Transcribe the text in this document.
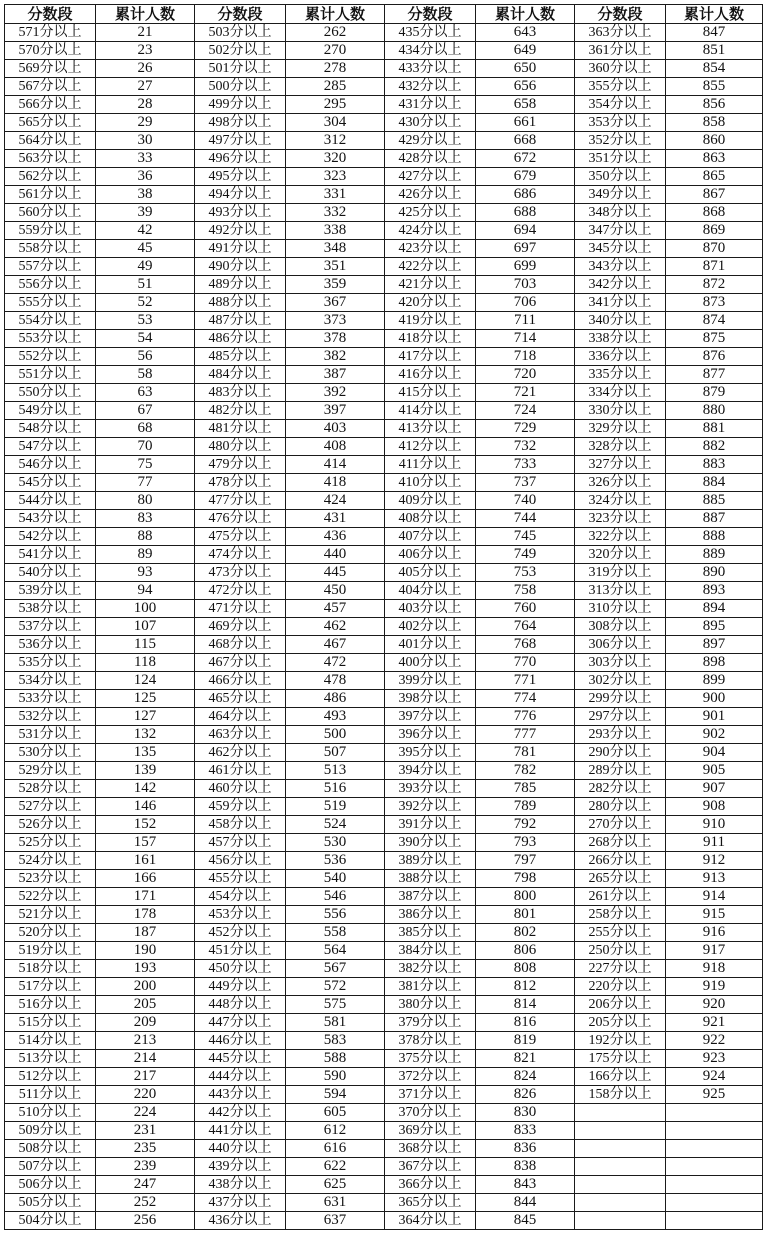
分数段	累计人数	分数段	累计人数	分数段	累计人数	分数段	累计人数
571分以上	21	503分以上	262	435分以上	643	363分以上	847
570分以上	23	502分以上	270	434分以上	649	361分以上	851
569分以上	26	501分以上	278	433分以上	650	360分以上	854
567分以上	27	500分以上	285	432分以上	656	355分以上	855
566分以上	28	499分以上	295	431分以上	658	354分以上	856
565分以上	29	498分以上	304	430分以上	661	353分以上	858
564分以上	30	497分以上	312	429分以上	668	352分以上	860
563分以上	33	496分以上	320	428分以上	672	351分以上	863
562分以上	36	495分以上	323	427分以上	679	350分以上	865
561分以上	38	494分以上	331	426分以上	686	349分以上	867
560分以上	39	493分以上	332	425分以上	688	348分以上	868
559分以上	42	492分以上	338	424分以上	694	347分以上	869
558分以上	45	491分以上	348	423分以上	697	345分以上	870
557分以上	49	490分以上	351	422分以上	699	343分以上	871
556分以上	51	489分以上	359	421分以上	703	342分以上	872
555分以上	52	488分以上	367	420分以上	706	341分以上	873
554分以上	53	487分以上	373	419分以上	711	340分以上	874
553分以上	54	486分以上	378	418分以上	714	338分以上	875
552分以上	56	485分以上	382	417分以上	718	336分以上	876
551分以上	58	484分以上	387	416分以上	720	335分以上	877
550分以上	63	483分以上	392	415分以上	721	334分以上	879
549分以上	67	482分以上	397	414分以上	724	330分以上	880
548分以上	68	481分以上	403	413分以上	729	329分以上	881
547分以上	70	480分以上	408	412分以上	732	328分以上	882
546分以上	75	479分以上	414	411分以上	733	327分以上	883
545分以上	77	478分以上	418	410分以上	737	326分以上	884
544分以上	80	477分以上	424	409分以上	740	324分以上	885
543分以上	83	476分以上	431	408分以上	744	323分以上	887
542分以上	88	475分以上	436	407分以上	745	322分以上	888
541分以上	89	474分以上	440	406分以上	749	320分以上	889
540分以上	93	473分以上	445	405分以上	753	319分以上	890
539分以上	94	472分以上	450	404分以上	758	313分以上	893
538分以上	100	471分以上	457	403分以上	760	310分以上	894
537分以上	107	469分以上	462	402分以上	764	308分以上	895
536分以上	115	468分以上	467	401分以上	768	306分以上	897
535分以上	118	467分以上	472	400分以上	770	303分以上	898
534分以上	124	466分以上	478	399分以上	771	302分以上	899
533分以上	125	465分以上	486	398分以上	774	299分以上	900
532分以上	127	464分以上	493	397分以上	776	297分以上	901
531分以上	132	463分以上	500	396分以上	777	293分以上	902
530分以上	135	462分以上	507	395分以上	781	290分以上	904
529分以上	139	461分以上	513	394分以上	782	289分以上	905
528分以上	142	460分以上	516	393分以上	785	282分以上	907
527分以上	146	459分以上	519	392分以上	789	280分以上	908
526分以上	152	458分以上	524	391分以上	792	270分以上	910
525分以上	157	457分以上	530	390分以上	793	268分以上	911
524分以上	161	456分以上	536	389分以上	797	266分以上	912
523分以上	166	455分以上	540	388分以上	798	265分以上	913
522分以上	171	454分以上	546	387分以上	800	261分以上	914
521分以上	178	453分以上	556	386分以上	801	258分以上	915
520分以上	187	452分以上	558	385分以上	802	255分以上	916
519分以上	190	451分以上	564	384分以上	806	250分以上	917
518分以上	193	450分以上	567	382分以上	808	227分以上	918
517分以上	200	449分以上	572	381分以上	812	220分以上	919
516分以上	205	448分以上	575	380分以上	814	206分以上	920
515分以上	209	447分以上	581	379分以上	816	205分以上	921
514分以上	213	446分以上	583	378分以上	819	192分以上	922
513分以上	214	445分以上	588	375分以上	821	175分以上	923
512分以上	217	444分以上	590	372分以上	824	166分以上	924
511分以上	220	443分以上	594	371分以上	826	158分以上	925
510分以上	224	442分以上	605	370分以上	830		
509分以上	231	441分以上	612	369分以上	833		
508分以上	235	440分以上	616	368分以上	836		
507分以上	239	439分以上	622	367分以上	838		
506分以上	247	438分以上	625	366分以上	843		
505分以上	252	437分以上	631	365分以上	844		
504分以上	256	436分以上	637	364分以上	845		
